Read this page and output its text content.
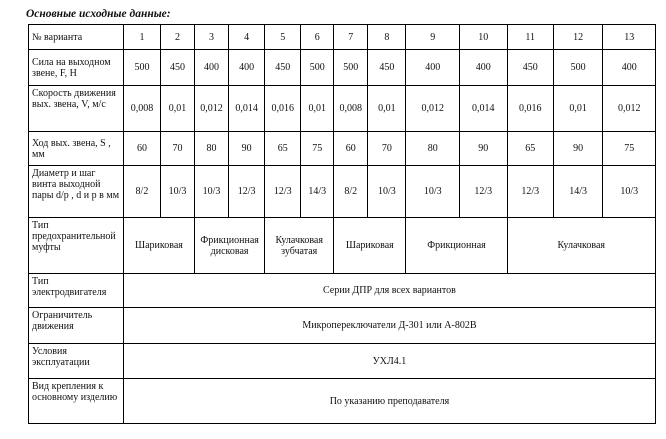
Основные исходные данные:
№ варианта	1	2	3	4	5	6	7	8	9	10	11	12	13
Сила на выходном звене, F, Н	500	450	400	400	450	500	500	450	400	400	450	500	400
Скорость движения вых. звена, V, м/с	0,008	0,01	0,012	0,014	0,016	0,01	0,008	0,01	0,012	0,014	0,016	0,01	0,012
Ход вых. звена, S , мм	60	70	80	90	65	75	60	70	80	90	65	90	75
Диаметр и шаг винта выходной пары d/p , d и p в мм	8/2	10/3	10/3	12/3	12/3	14/3	8/2	10/3	10/3	12/3	12/3	14/3	10/3
Тип предохранительной муфты	Шариковая		Фрикционная дисковая		Кулачковая зубчатая		Шариковая		Фрикционная		Кулачковая		
Тип электродвигателя	Серии ДПР для всех вариантов												
Ограничитель движения	Микропереключатели Д-301 или А-802В												
Условия эксплуатации	УХЛ4.1												
Вид крепления к основному изделию	По указанию преподавателя												
